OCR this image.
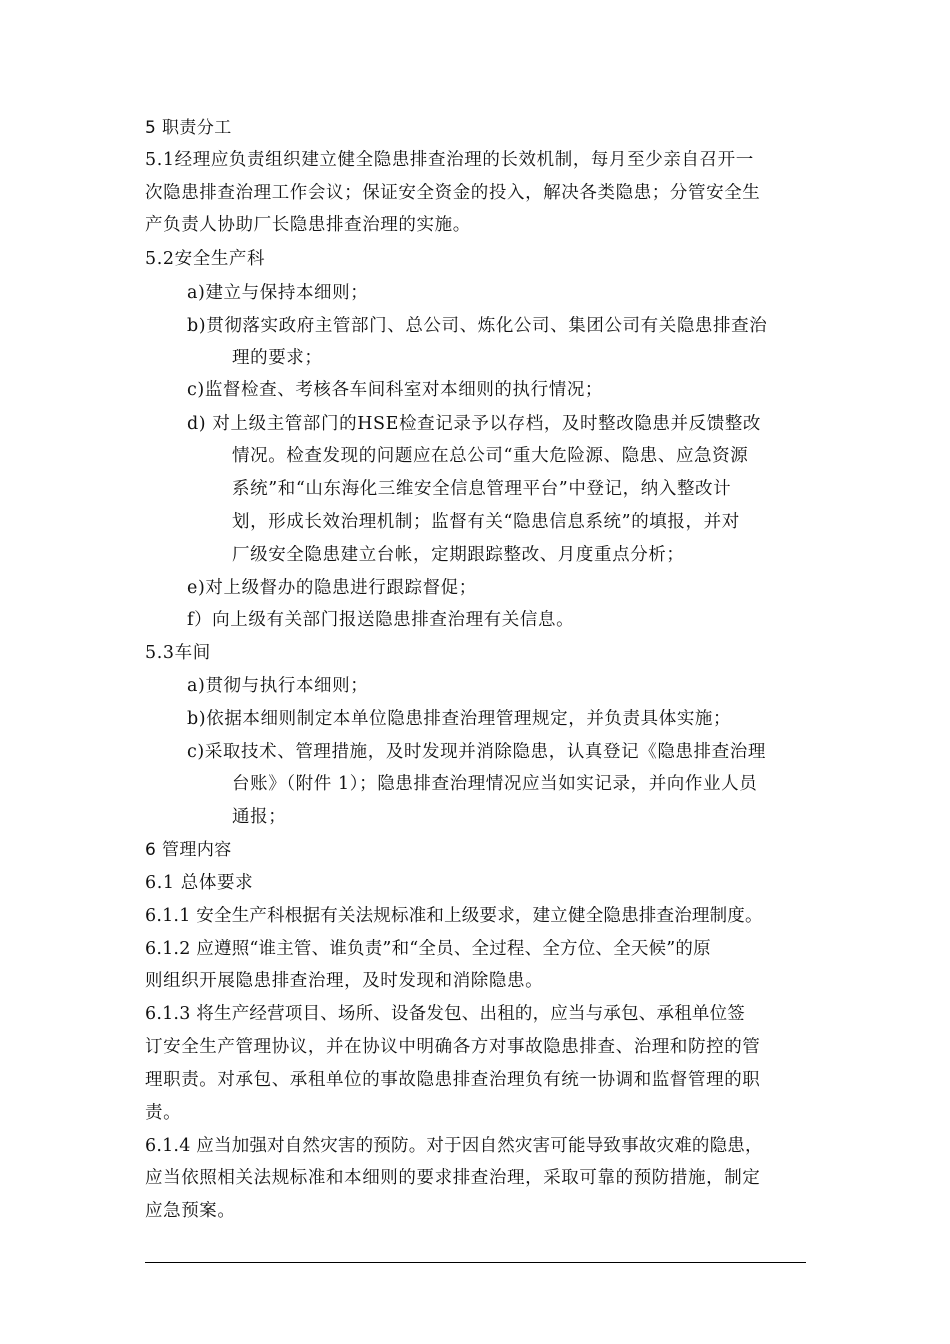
5 职责分工
5.1经理应负责组织建立健全隐患排查治理的长效机制，每月至少亲自召开一
次隐患排查治理工作会议；保证安全资金的投入，解决各类隐患；分管安全生
产负责人协助厂长隐患排查治理的实施。
5.2安全生产科
a)建立与保持本细则；
b)贯彻落实政府主管部门、总公司、炼化公司、集团公司有关隐患排查治
理的要求；
c)监督检查、考核各车间科室对本细则的执行情况；
d) 对上级主管部门的HSE检查记录予以存档，及时整改隐患并反馈整改
情况。检查发现的问题应在总公司“重大危险源、隐患、应急资源
系统”和“山东海化三维安全信息管理平台”中登记，纳入整改计
划，形成长效治理机制；监督有关“隐患信息系统”的填报，并对
厂级安全隐患建立台帐，定期跟踪整改、月度重点分析；
e)对上级督办的隐患进行跟踪督促；
f）向上级有关部门报送隐患排查治理有关信息。
5.3车间
a)贯彻与执行本细则；
b)依据本细则制定本单位隐患排查治理管理规定，并负责具体实施；
c)采取技术、管理措施，及时发现并消除隐患，认真登记《隐患排查治理
台账》（附件 1）；隐患排查治理情况应当如实记录，并向作业人员
通报；
6 管理内容
6.1 总体要求
6.1.1 安全生产科根据有关法规标准和上级要求，建立健全隐患排查治理制度。
6.1.2 应遵照“谁主管、谁负责”和“全员、全过程、全方位、全天候”的原
则组织开展隐患排查治理，及时发现和消除隐患。
6.1.3 将生产经营项目、场所、设备发包、出租的，应当与承包、承租单位签
订安全生产管理协议，并在协议中明确各方对事故隐患排查、治理和防控的管
理职责。对承包、承租单位的事故隐患排查治理负有统一协调和监督管理的职
责。
6.1.4 应当加强对自然灾害的预防。对于因自然灾害可能导致事故灾难的隐患，
应当依照相关法规标准和本细则的要求排查治理，采取可靠的预防措施，制定
应急预案。
